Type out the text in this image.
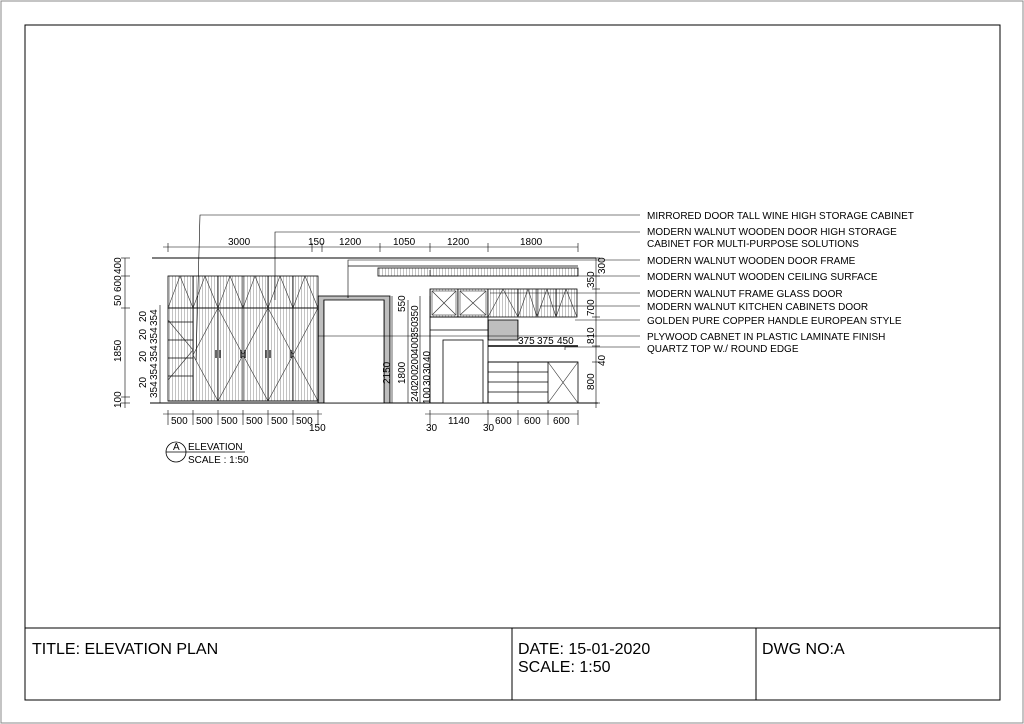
TITLE: ELEVATION PLAN	DATE: 15-01-2020
SCALE: 1:50
DWG NO:A
A ELEVATION
SCALE : 1:50
3000	150 1200	1050	1200	1800
500 500 500 500 500 500
150	30
1140
30
600 600 600
100
1850
50
600
400
20
20
20
20
354
354
354
354
354
2150 1800
550
240
200
200
400
350
350
100
30
30
40
800
40
810
700
350
300
375 375 450
MIRRORED DOOR TALL WINE HIGH STORAGE CABINET
MODERN WALNUT WOODEN DOOR HIGH STORAGE
CABINET FOR MULTI-PURPOSE SOLUTIONS
MODERN WALNUT WOODEN DOOR FRAME
MODERN WALNUT WOODEN CEILING SURFACE
MODERN WALNUT FRAME GLASS DOOR
MODERN WALNUT KITCHEN CABINETS DOOR
GOLDEN PURE COPPER HANDLE EUROPEAN STYLE
PLYWOOD CABNET IN PLASTIC LAMINATE FINISH
QUARTZ TOP W./ ROUND EDGE
